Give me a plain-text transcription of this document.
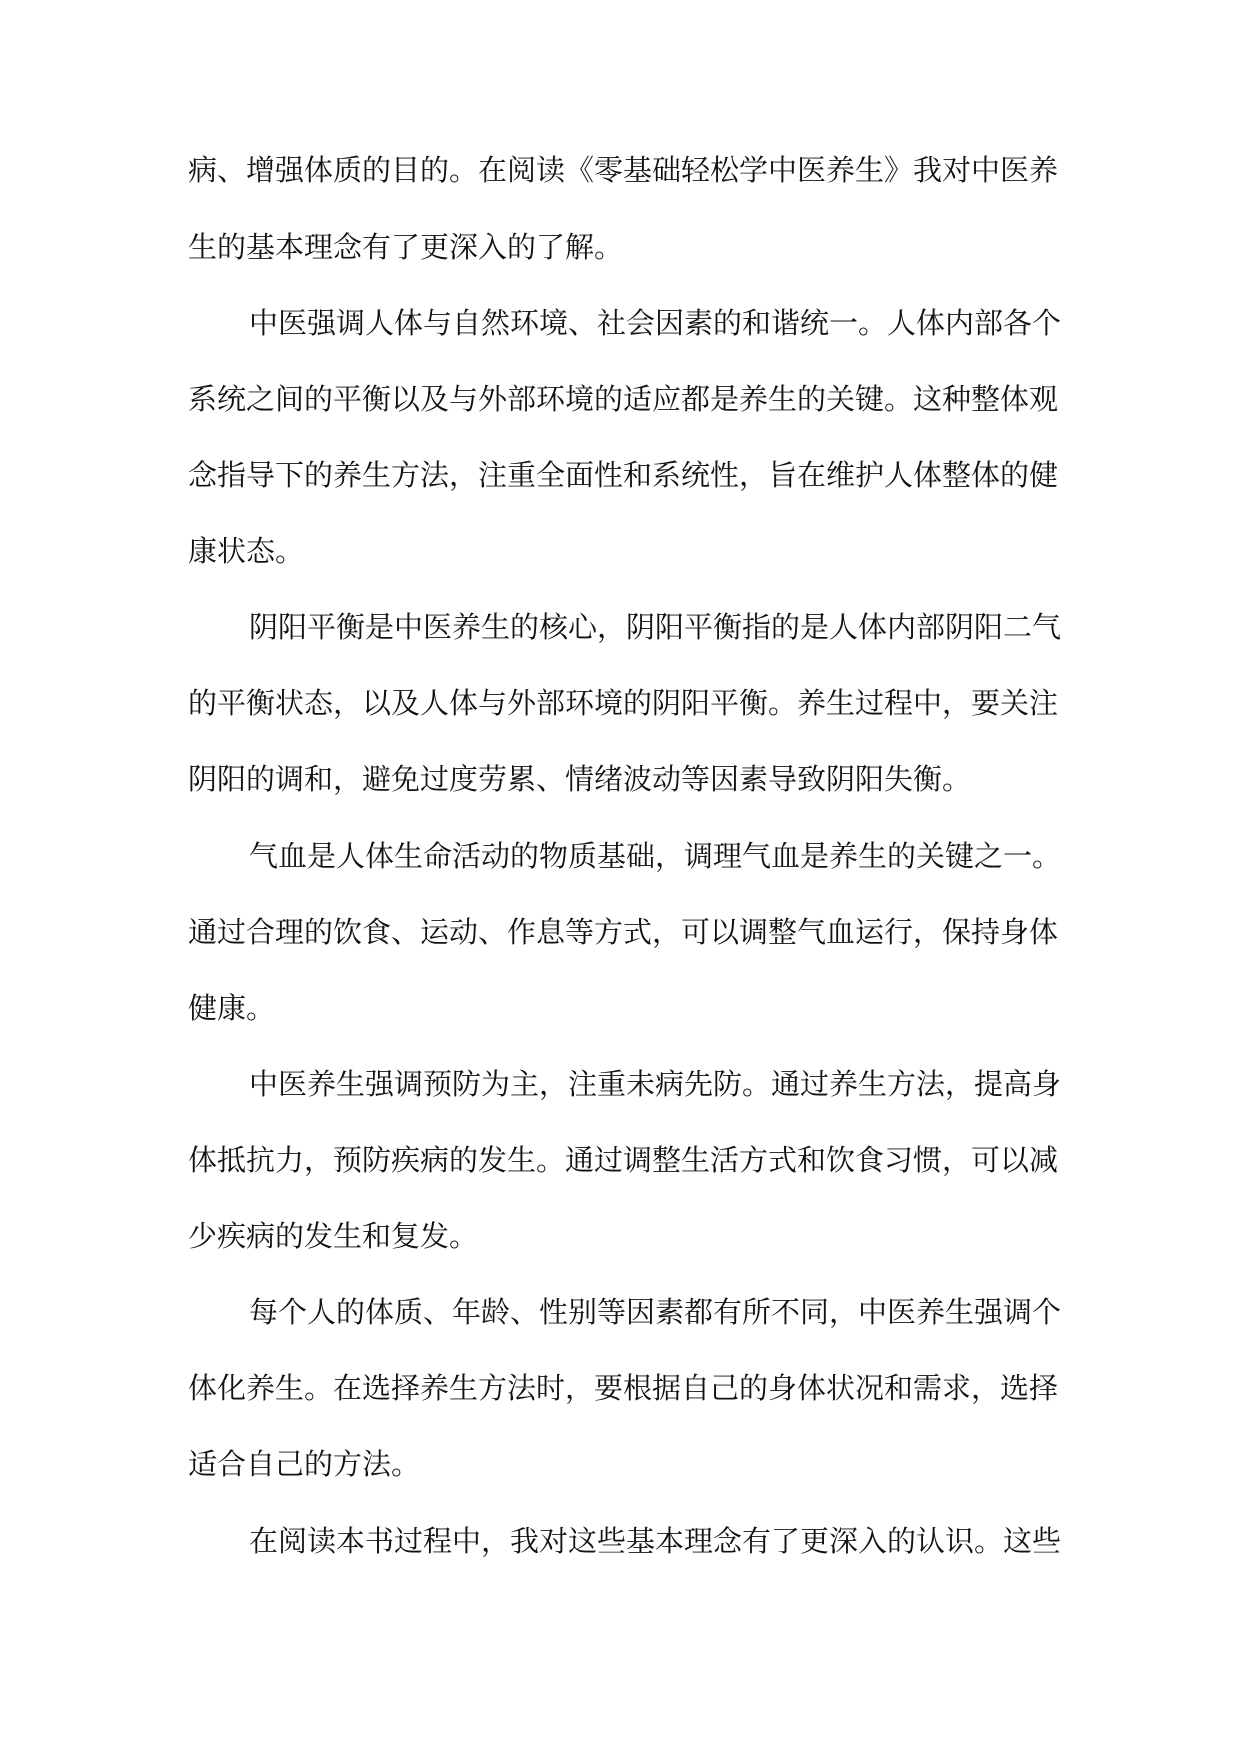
病、增强体质的目的。在阅读《零基础轻松学中医养生》我对中医养

生的基本理念有了更深入的了解。

中医强调人体与自然环境、社会因素的和谐统一。人体内部各个

系统之间的平衡以及与外部环境的适应都是养生的关键。这种整体观

念指导下的养生方法，注重全面性和系统性，旨在维护人体整体的健

康状态。

阴阳平衡是中医养生的核心，阴阳平衡指的是人体内部阴阳二气

的平衡状态，以及人体与外部环境的阴阳平衡。养生过程中，要关注

阴阳的调和，避免过度劳累、情绪波动等因素导致阴阳失衡。

气血是人体生命活动的物质基础，调理气血是养生的关键之一。

通过合理的饮食、运动、作息等方式，可以调整气血运行，保持身体

健康。

中医养生强调预防为主，注重未病先防。通过养生方法，提高身

体抵抗力，预防疾病的发生。通过调整生活方式和饮食习惯，可以减

少疾病的发生和复发。

每个人的体质、年龄、性别等因素都有所不同，中医养生强调个

体化养生。在选择养生方法时，要根据自己的身体状况和需求，选择

适合自己的方法。

在阅读本书过程中，我对这些基本理念有了更深入的认识。这些
